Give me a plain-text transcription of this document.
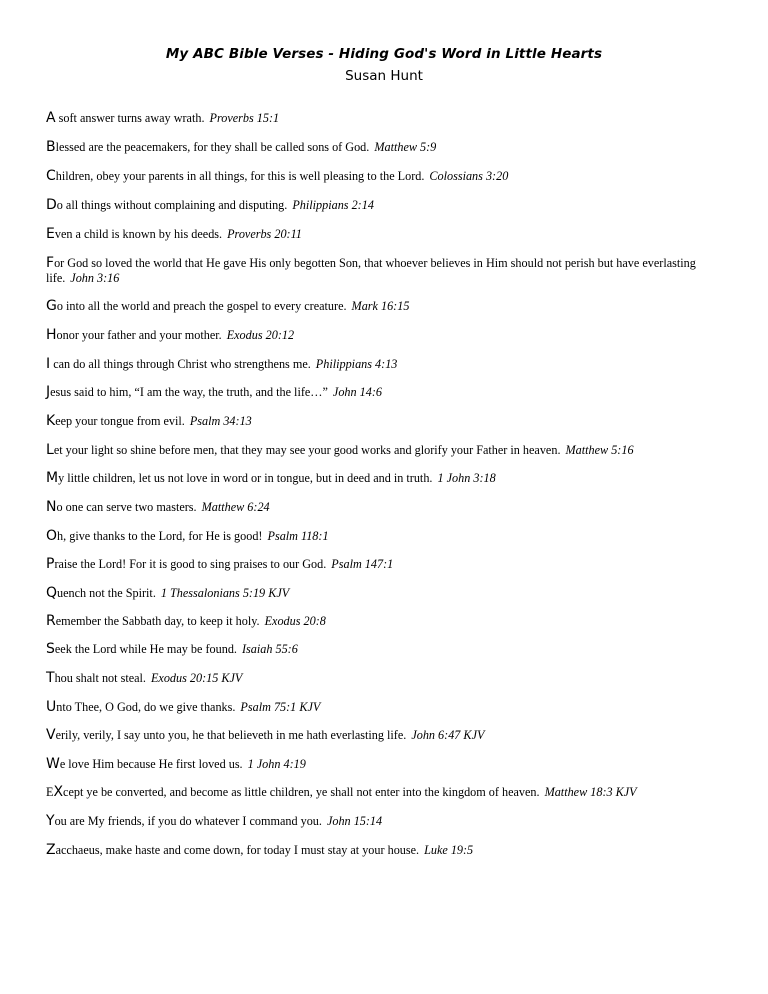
My ABC Bible Verses - Hiding God's Word in Little Hearts
Susan Hunt
A soft answer turns away wrath. Proverbs 15:1
Blessed are the peacemakers, for they shall be called sons of God. Matthew 5:9
Children, obey your parents in all things, for this is well pleasing to the Lord. Colossians 3:20
Do all things without complaining and disputing. Philippians 2:14
Even a child is known by his deeds. Proverbs 20:11
For God so loved the world that He gave His only begotten Son, that whoever believes in Him should not perish but have everlasting life. John 3:16
Go into all the world and preach the gospel to every creature. Mark 16:15
Honor your father and your mother. Exodus 20:12
I can do all things through Christ who strengthens me. Philippians 4:13
Jesus said to him, “I am the way, the truth, and the life…” John 14:6
Keep your tongue from evil. Psalm 34:13
Let your light so shine before men, that they may see your good works and glorify your Father in heaven. Matthew 5:16
My little children, let us not love in word or in tongue, but in deed and in truth. 1 John 3:18
No one can serve two masters. Matthew 6:24
Oh, give thanks to the Lord, for He is good! Psalm 118:1
Praise the Lord! For it is good to sing praises to our God. Psalm 147:1
Quench not the Spirit. 1 Thessalonians 5:19 KJV
Remember the Sabbath day, to keep it holy. Exodus 20:8
Seek the Lord while He may be found. Isaiah 55:6
Thou shalt not steal. Exodus 20:15 KJV
Unto Thee, O God, do we give thanks. Psalm 75:1 KJV
Verily, verily, I say unto you, he that believeth in me hath everlasting life. John 6:47 KJV
We love Him because He first loved us. 1 John 4:19
EXcept ye be converted, and become as little children, ye shall not enter into the kingdom of heaven. Matthew 18:3 KJV
You are My friends, if you do whatever I command you. John 15:14
Zacchaeus, make haste and come down, for today I must stay at your house. Luke 19:5
